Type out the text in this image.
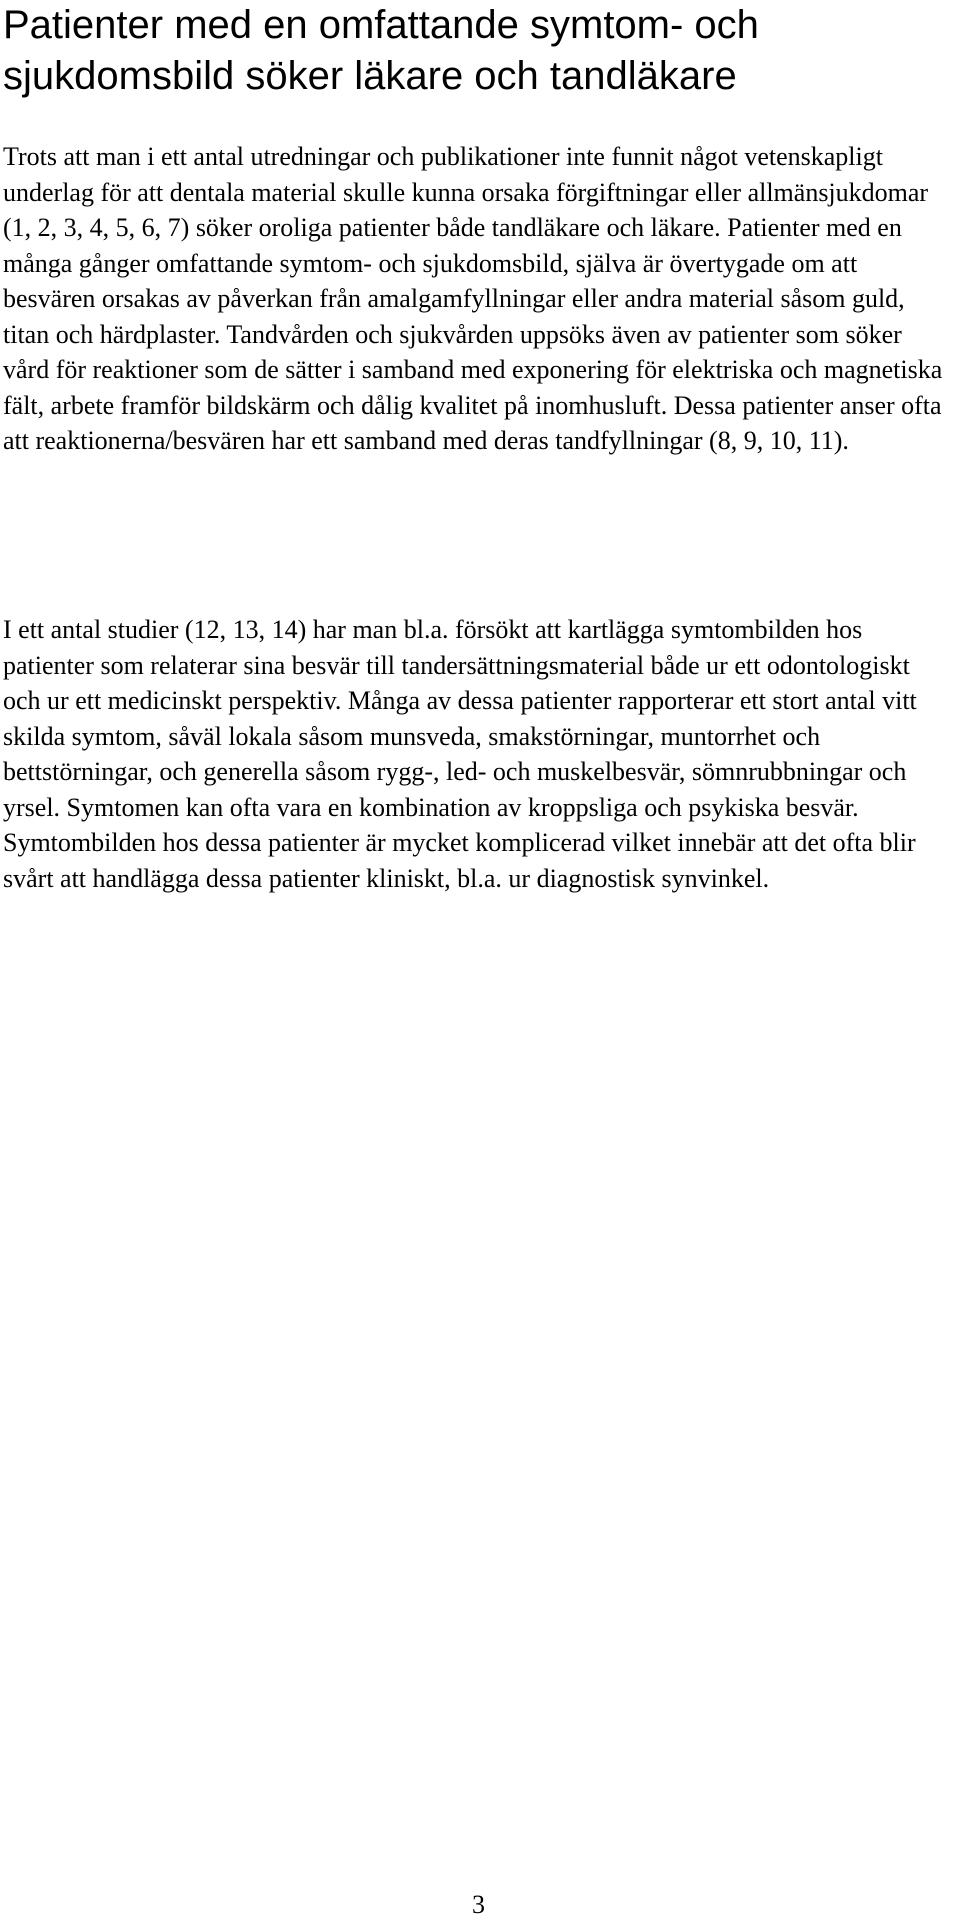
Patienter med en omfattande symtom- och sjukdomsbild söker läkare och tandläkare

Trots att man i ett antal utredningar och publikationer inte funnit något vetenskapligt underlag för att dentala material skulle kunna orsaka förgiftningar eller allmänsjukdomar (1, 2, 3, 4, 5, 6, 7) söker oroliga patienter både tandläkare och läkare. Patienter med en många gånger omfattande symtom- och sjukdomsbild, själva är övertygade om att besvären orsakas av påverkan från amalgamfyllningar eller andra material såsom guld, titan och härdplaster. Tandvården och sjukvården uppsöks även av patienter som söker vård för reaktioner som de sätter i samband med exponering för elektriska och magnetiska fält, arbete framför bildskärm och dålig kvalitet på inomhusluft. Dessa patienter anser ofta att reaktionerna/besvären har ett samband med deras tandfyllningar (8, 9, 10, 11).

I ett antal studier (12, 13, 14) har man bl.a. försökt att kartlägga symtombilden hos patienter som relaterar sina besvär till tandersättningsmaterial både ur ett odontologiskt och ur ett medicinskt perspektiv. Många av dessa patienter rapporterar ett stort antal vitt skilda symtom, såväl lokala såsom munsveda, smakstörningar, muntorrhet och bettstörningar, och generella såsom rygg-, led- och muskelbesvär, sömnrubbningar och yrsel. Symtomen kan ofta vara en kombination av kroppsliga och psykiska besvär. Symtombilden hos dessa patienter är mycket komplicerad vilket innebär att det ofta blir svårt att handlägga dessa patienter kliniskt, bl.a. ur diagnostisk synvinkel.

3
